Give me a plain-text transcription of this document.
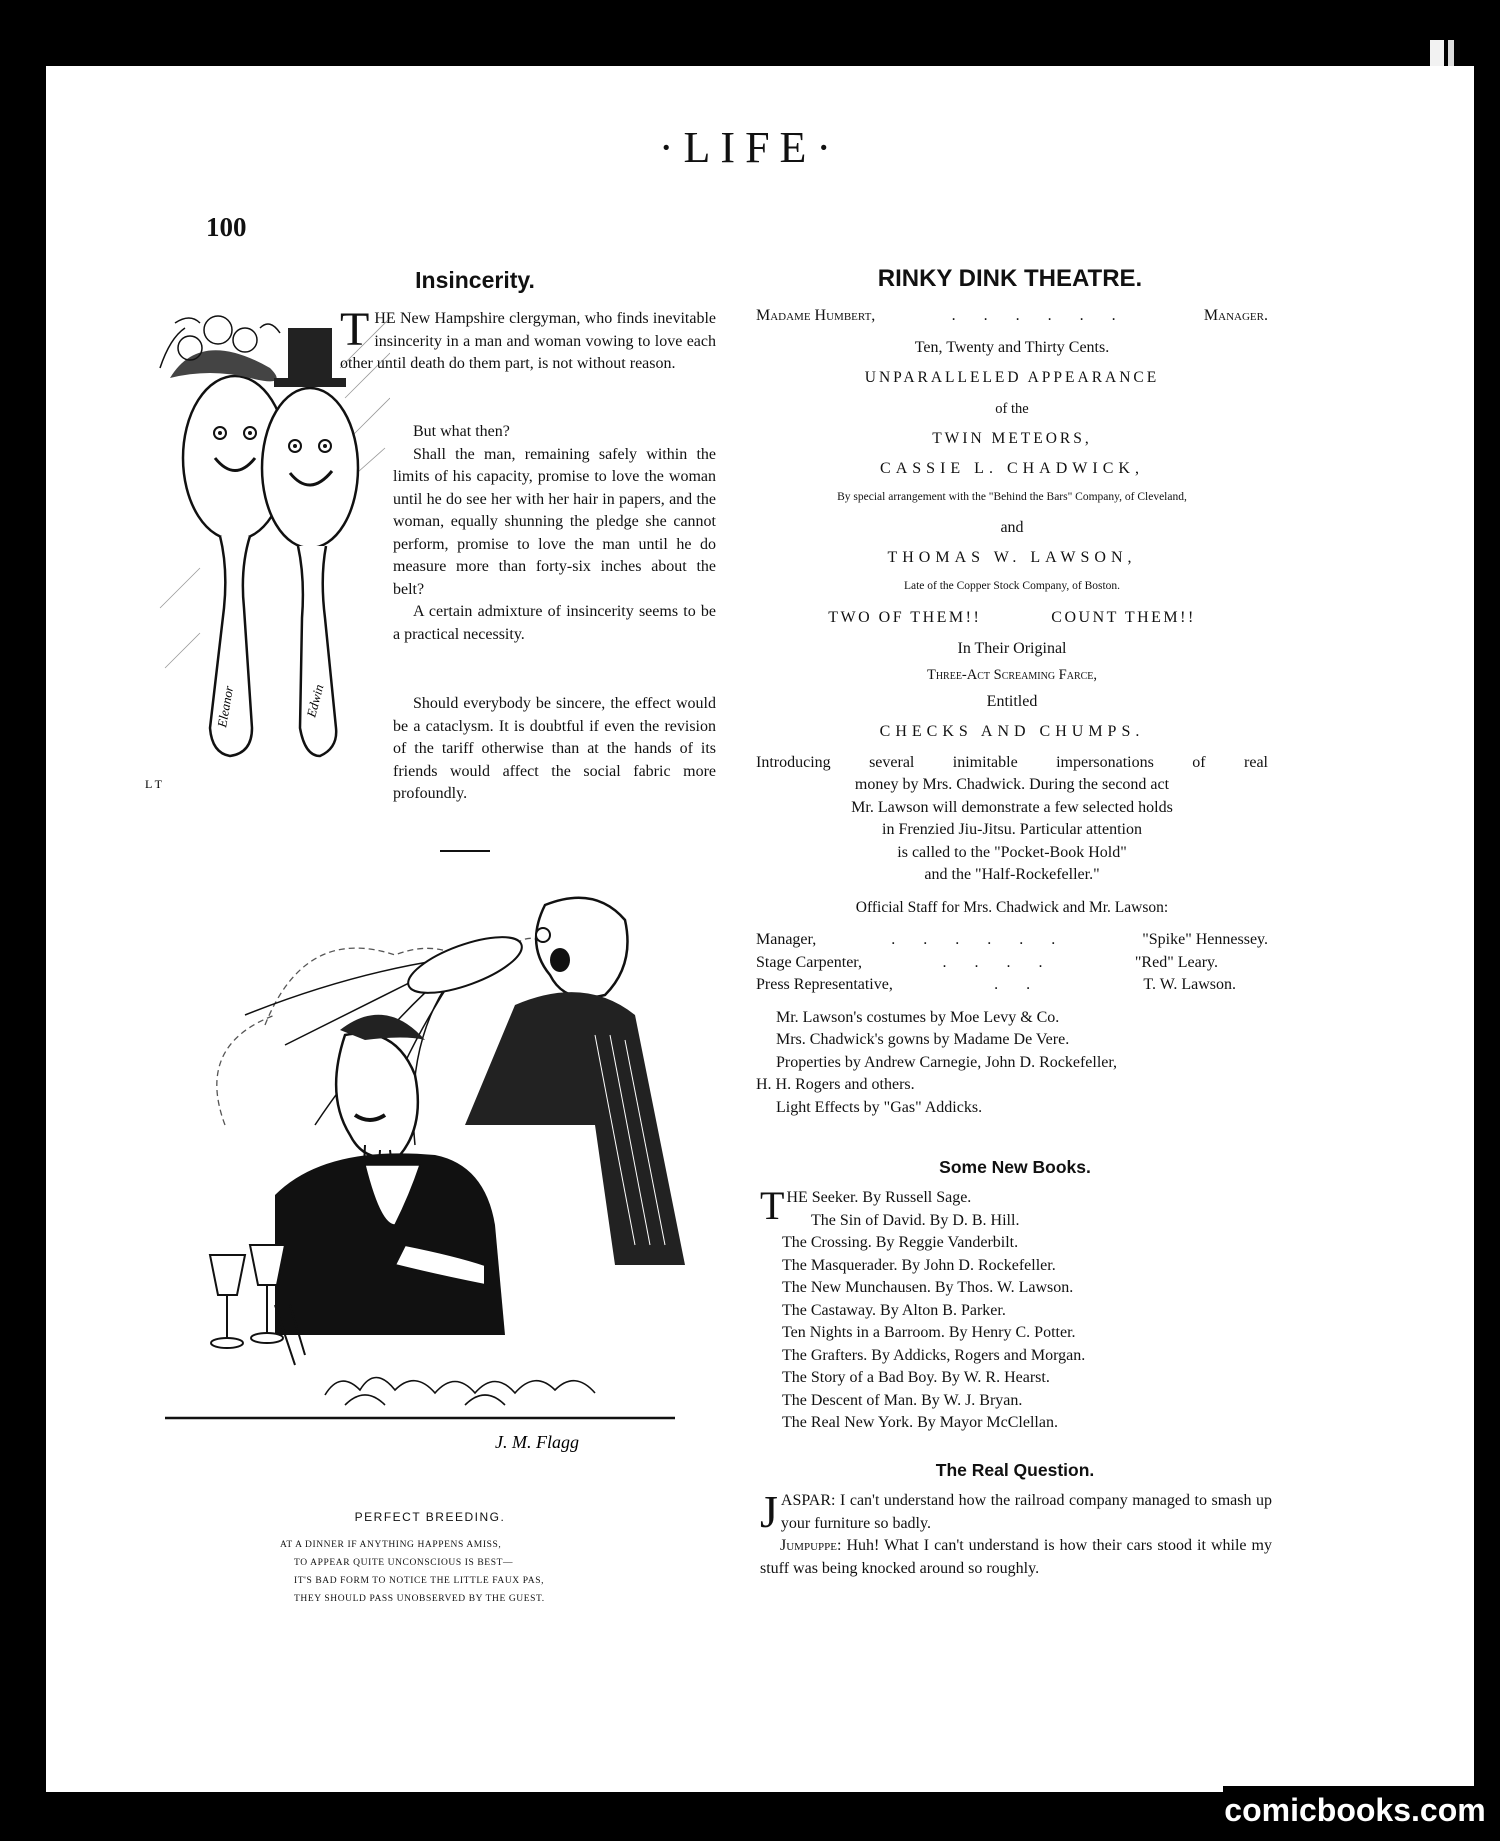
·LIFE·
100
Insincerity.
Eleanor	Edwin
L T
THE New Hampshire clergyman, who finds inevitable insincerity in a man and woman vowing to love each other until death do them part, is not without reason.
But what then?
Shall the man, remaining safely within the limits of his capacity, promise to love the woman until he do see her with her hair in papers, and the woman, equally shunning the pledge she cannot perform, promise to love the man until he do measure more than forty-six inches about the belt?
A certain admixture of insincerity seems to be a practical necessity.
Should everybody be sincere, the effect would be a cataclysm. It is doubtful if even the revision of the tariff otherwise than at the hands of its friends would affect the social fabric more profoundly.
J. M. Flagg
PERFECT BREEDING.
AT A DINNER IF ANYTHING HAPPENS AMISS,
TO APPEAR QUITE UNCONSCIOUS IS BEST—
IT'S BAD FORM TO NOTICE THE LITTLE FAUX PAS,
THEY SHOULD PASS UNOBSERVED BY THE GUEST.
RINKY DINK THEATRE.
Madame Humbert,	. . . . . .	Manager.
Ten, Twenty and Thirty Cents.
UNPARALLELED APPEARANCE
of the
TWIN METEORS,
CASSIE L. CHADWICK,
By special arrangement with the "Behind the Bars" Company, of Cleveland,
and
THOMAS W. LAWSON,
Late of the Copper Stock Company, of Boston.
TWO OF THEM!!	COUNT THEM!!
In Their Original
Three-Act Screaming Farce,
Entitled
CHECKS AND CHUMPS.
Introducing several inimitable impersonations of real
money by Mrs. Chadwick. During the second act
Mr. Lawson will demonstrate a few selected holds
in Frenzied Jiu-Jitsu. Particular attention
is called to the "Pocket-Book Hold"
and the "Half-Rockefeller."
Official Staff for Mrs. Chadwick and Mr. Lawson:
Manager,	. . . . . .	"Spike" Hennessey.
Stage Carpenter,	. . . .	"Red" Leary.
Press Representative,	. .	T. W. Lawson.
Mr. Lawson's costumes by Moe Levy & Co.
Mrs. Chadwick's gowns by Madame De Vere.
Properties by Andrew Carnegie, John D. Rockefeller,
H. H. Rogers and others.
Light Effects by "Gas" Addicks.
Some New Books.
THE Seeker. By Russell Sage.
The Sin of David. By D. B. Hill.
The Crossing. By Reggie Vanderbilt.
The Masquerader. By John D. Rockefeller.
The New Munchausen. By Thos. W. Lawson.
The Castaway. By Alton B. Parker.
Ten Nights in a Barroom. By Henry C. Potter.
The Grafters. By Addicks, Rogers and Morgan.
The Story of a Bad Boy. By W. R. Hearst.
The Descent of Man. By W. J. Bryan.
The Real New York. By Mayor McClellan.
The Real Question.
JASPAR: I can't understand how the railroad company managed to smash up your furniture so badly.
Jumpuppe: Huh! What I can't understand is how their cars stood it while my stuff was being knocked around so roughly.
comicbooks.com
